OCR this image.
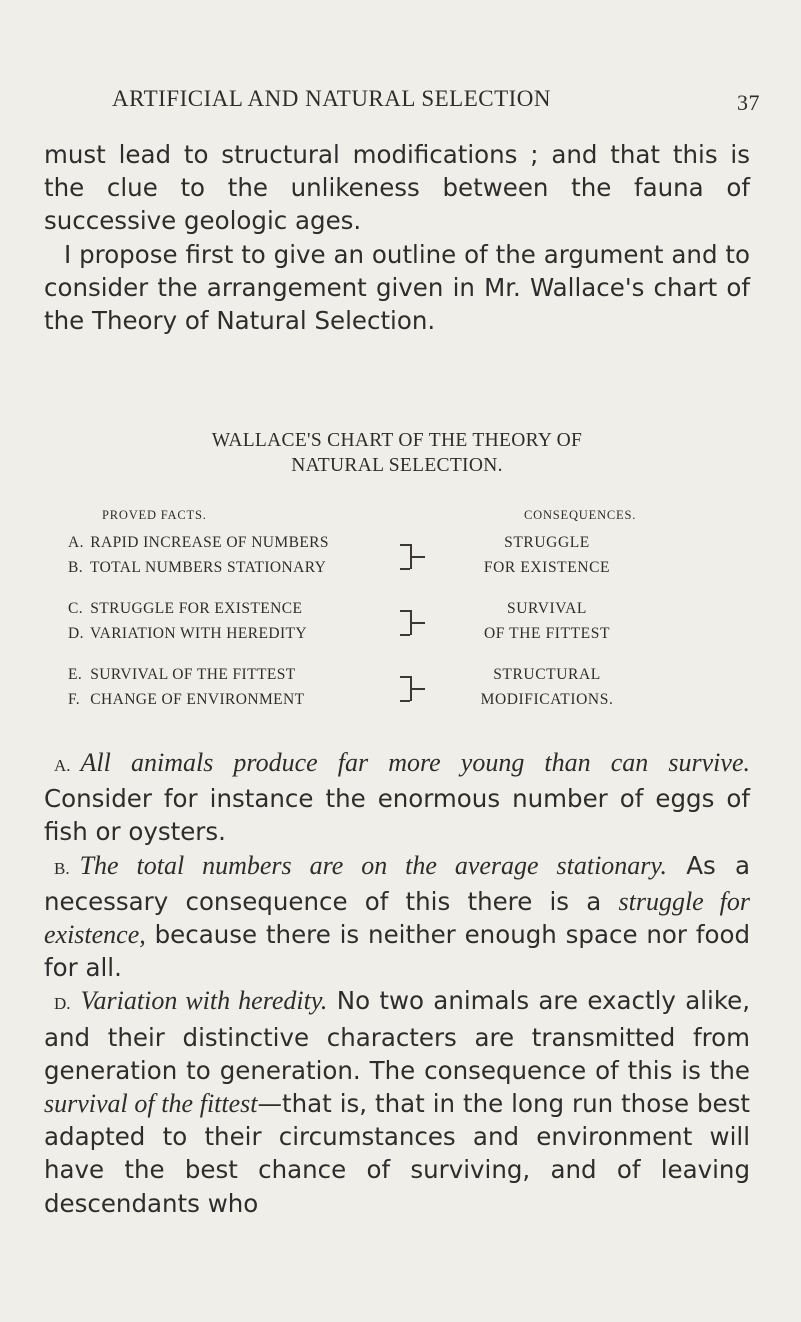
ARTIFICIAL AND NATURAL SELECTION	37

must lead to structural modifications ; and that this is the clue to the unlikeness between the fauna of successive geologic ages.

I propose first to give an outline of the argument and to consider the arrangement given in Mr. Wallace's chart of the Theory of Natural Selection.

WALLACE'S CHART OF THE THEORY OF
NATURAL SELECTION.
PROVED FACTS.	CONSEQUENCES.
A. RAPID INCREASE OF NUMBERS
B. TOTAL NUMBERS STATIONARY
STRUGGLE
FOR EXISTENCE
C. STRUGGLE FOR EXISTENCE
D. VARIATION WITH HEREDITY
SURVIVAL
OF THE FITTEST
E. SURVIVAL OF THE FITTEST
F. CHANGE OF ENVIRONMENT
STRUCTURAL
MODIFICATIONS.

A. All animals produce far more young than can survive. Consider for instance the enormous number of eggs of fish or oysters.

B. The total numbers are on the average stationary. As a necessary consequence of this there is a struggle for existence, because there is neither enough space nor food for all.

D. Variation with heredity. No two animals are exactly alike, and their distinctive characters are transmitted from generation to generation. The consequence of this is the survival of the fittest—that is, that in the long run those best adapted to their circumstances and environment will have the best chance of surviving, and of leaving descendants who
